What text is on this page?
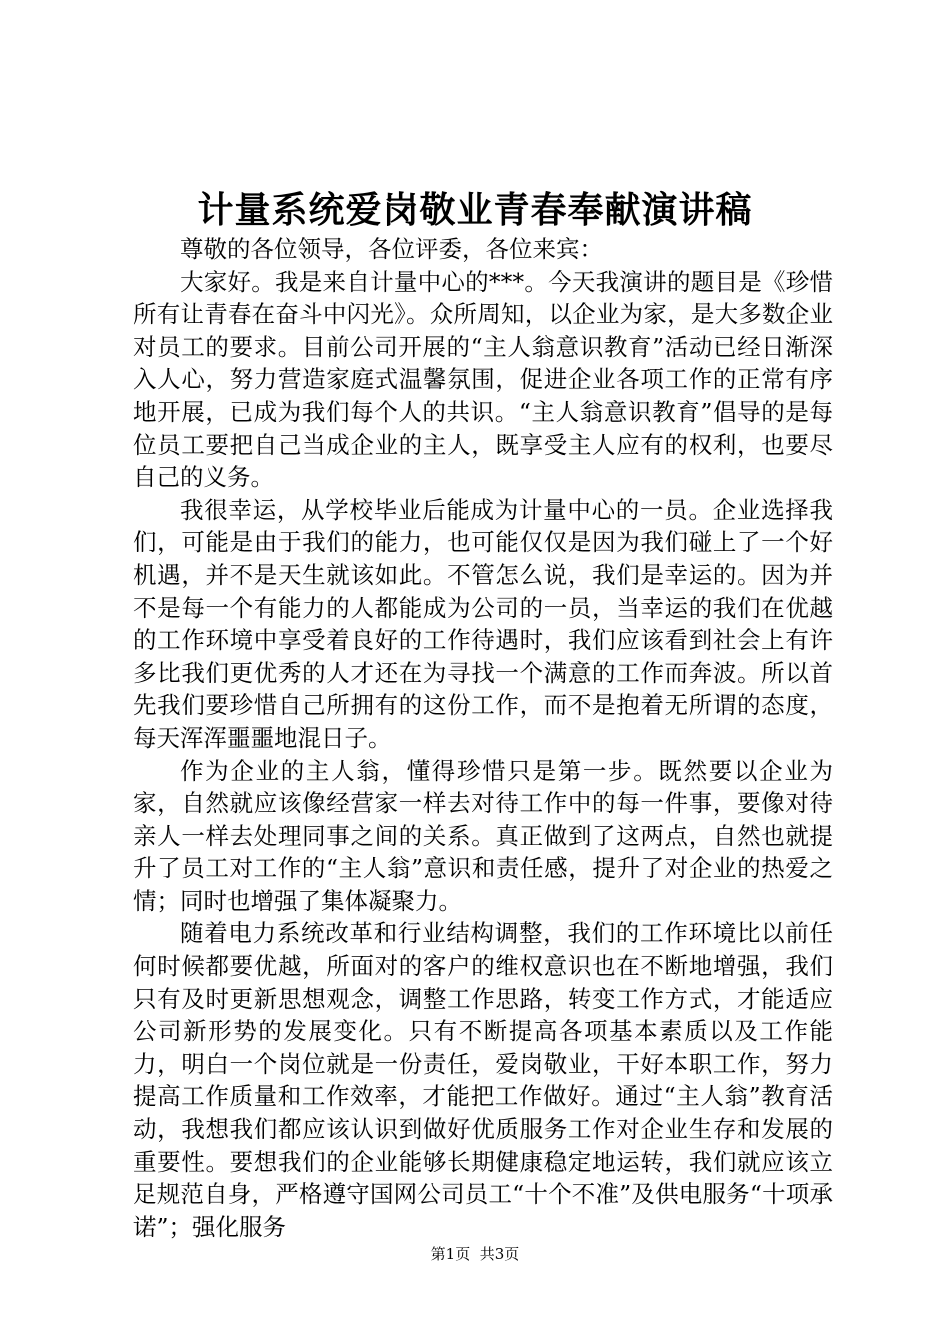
计量系统爱岗敬业青春奉献演讲稿

尊敬的各位领导，各位评委，各位来宾：

大家好。我是来自计量中心的***。今天我演讲的题目是《珍惜所有让青春在奋斗中闪光》。众所周知，以企业为家，是大多数企业对员工的要求。目前公司开展的“主人翁意识教育”活动已经日渐深入人心，努力营造家庭式温馨氛围，促进企业各项工作的正常有序地开展，已成为我们每个人的共识。“主人翁意识教育”倡导的是每位员工要把自己当成企业的主人，既享受主人应有的权利，也要尽自己的义务。

我很幸运，从学校毕业后能成为计量中心的一员。企业选择我们，可能是由于我们的能力，也可能仅仅是因为我们碰上了一个好机遇，并不是天生就该如此。不管怎么说，我们是幸运的。因为并不是每一个有能力的人都能成为公司的一员，当幸运的我们在优越的工作环境中享受着良好的工作待遇时，我们应该看到社会上有许多比我们更优秀的人才还在为寻找一个满意的工作而奔波。所以首先我们要珍惜自己所拥有的这份工作，而不是抱着无所谓的态度，每天浑浑噩噩地混日子。

作为企业的主人翁，懂得珍惜只是第一步。既然要以企业为家，自然就应该像经营家一样去对待工作中的每一件事，要像对待亲人一样去处理同事之间的关系。真正做到了这两点，自然也就提升了员工对工作的“主人翁”意识和责任感，提升了对企业的热爱之情；同时也增强了集体凝聚力。

随着电力系统改革和行业结构调整，我们的工作环境比以前任何时候都要优越，所面对的客户的维权意识也在不断地增强，我们只有及时更新思想观念，调整工作思路，转变工作方式，才能适应公司新形势的发展变化。只有不断提高各项基本素质以及工作能力，明白一个岗位就是一份责任，爱岗敬业，干好本职工作，努力提高工作质量和工作效率，才能把工作做好。通过“主人翁”教育活动，我想我们都应该认识到做好优质服务工作对企业生存和发展的重要性。要想我们的企业能够长期健康稳定地运转，我们就应该立足规范自身，严格遵守国网公司员工“十个不准”及供电服务“十项承诺”；强化服务

第1页 共3页
